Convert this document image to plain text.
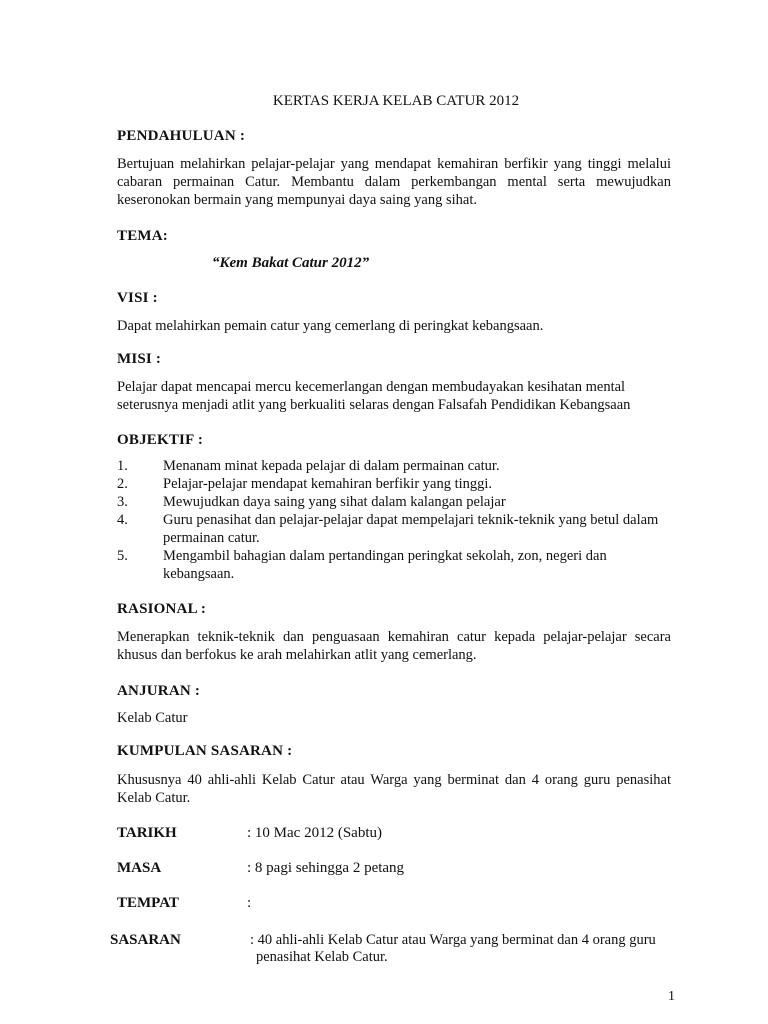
KERTAS KERJA KELAB CATUR 2012
PENDAHULUAN :
Bertujuan melahirkan pelajar-pelajar yang mendapat kemahiran berfikir yang tinggi melalui cabaran permainan Catur. Membantu dalam perkembangan mental serta mewujudkan keseronokan bermain yang mempunyai daya saing yang sihat.
TEMA:
“Kem Bakat Catur 2012”
VISI :
Dapat melahirkan pemain catur yang cemerlang di peringkat kebangsaan.
MISI :
Pelajar dapat mencapai mercu kecemerlangan dengan membudayakan kesihatan mental seterusnya menjadi atlit yang berkualiti selaras dengan Falsafah Pendidikan Kebangsaan
OBJEKTIF :
1.	Menanam minat kepada pelajar di dalam permainan catur.
2.	Pelajar-pelajar mendapat kemahiran berfikir yang tinggi.
3.	Mewujudkan daya saing yang sihat dalam kalangan pelajar
4.	Guru penasihat dan pelajar-pelajar dapat mempelajari teknik-teknik yang betul dalam permainan catur.
5.	Mengambil bahagian dalam pertandingan peringkat sekolah, zon, negeri dan kebangsaan.
RASIONAL :
Menerapkan teknik-teknik dan penguasaan kemahiran catur kepada pelajar-pelajar secara khusus dan berfokus ke arah melahirkan atlit yang cemerlang.
ANJURAN :
Kelab Catur
KUMPULAN SASARAN :
Khususnya 40 ahli-ahli Kelab Catur atau Warga yang berminat dan 4 orang guru penasihat Kelab Catur.
TARIKH	: 10 Mac 2012 (Sabtu)
MASA	: 8 pagi sehingga 2 petang
TEMPAT	:
SASARAN	: 40 ahli-ahli Kelab Catur atau Warga yang berminat dan 4 orang guru
penasihat Kelab Catur.
1
